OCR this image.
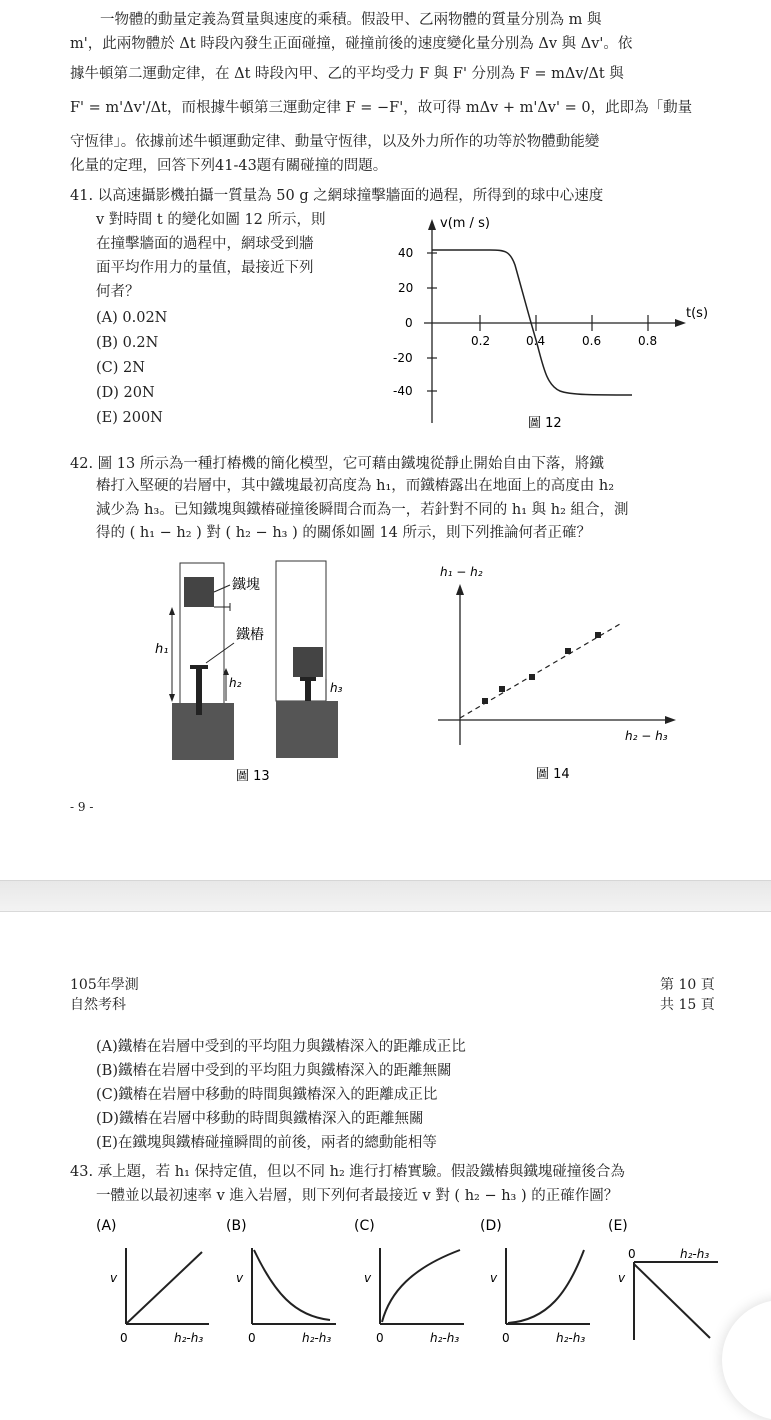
一物體的動量定義為質量與速度的乘積。假設甲、乙兩物體的質量分別為 m 與
m'，此兩物體於 Δt 時段內發生正面碰撞，碰撞前後的速度變化量分別為 Δv 與 Δv'。依
據牛頓第二運動定律，在 Δt 時段內甲、乙的平均受力 F 與 F' 分別為 F = mΔv/Δt 與
F' = m'Δv'/Δt，而根據牛頓第三運動定律 F = −F'，故可得 mΔv + m'Δv' = 0，此即為「動量
守恆律」。依據前述牛頓運動定律、動量守恆律，以及外力所作的功等於物體動能變
化量的定理，回答下列41-43題有關碰撞的問題。
41. 以高速攝影機拍攝一質量為 50 g 之網球撞擊牆面的過程，所得到的球中心速度
v 對時間 t 的變化如圖 12 所示，則
在撞擊牆面的過程中，網球受到牆
面平均作用力的量值，最接近下列
何者？
(A) 0.02N
(B) 0.2N
(C) 2N
(D) 20N
(E) 200N
v(m / s)
t(s)
40
20
0
-20
-40
0.2	0.4	0.6	0.8
圖 12
42. 圖 13 所示為一種打樁機的簡化模型，它可藉由鐵塊從靜止開始自由下落，將鐵
樁打入堅硬的岩層中，其中鐵塊最初高度為 h₁，而鐵樁露出在地面上的高度由 h₂
減少為 h₃。已知鐵塊與鐵樁碰撞後瞬間合而為一，若針對不同的 h₁ 與 h₂ 組合，測
得的 ( h₁ − h₂ ) 對 ( h₂ − h₃ ) 的關係如圖 14 所示，則下列推論何者正確？
鐵塊
鐵樁
h₁
h₂	h₃
圖 13
h₁ − h₂
h₂ − h₃
圖 14
- 9 -
105年學測
自然考科
第 10 頁
共 15 頁
(A)鐵樁在岩層中受到的平均阻力與鐵樁深入的距離成正比
(B)鐵樁在岩層中受到的平均阻力與鐵樁深入的距離無關
(C)鐵樁在岩層中移動的時間與鐵樁深入的距離成正比
(D)鐵樁在岩層中移動的時間與鐵樁深入的距離無關
(E)在鐵塊與鐵樁碰撞瞬間的前後，兩者的總動能相等
43. 承上題，若 h₁ 保持定值，但以不同 h₂ 進行打樁實驗。假設鐵樁與鐵塊碰撞後合為
一體並以最初速率 v 進入岩層，則下列何者最接近 v 對 ( h₂ − h₃ ) 的正確作圖？
(A)
v
0	h₂-h₃
(B)
v
0	h₂-h₃
(C)
v
0	h₂-h₃
(D)
v
0	h₂-h₃
(E)
0	h₂-h₃
v
